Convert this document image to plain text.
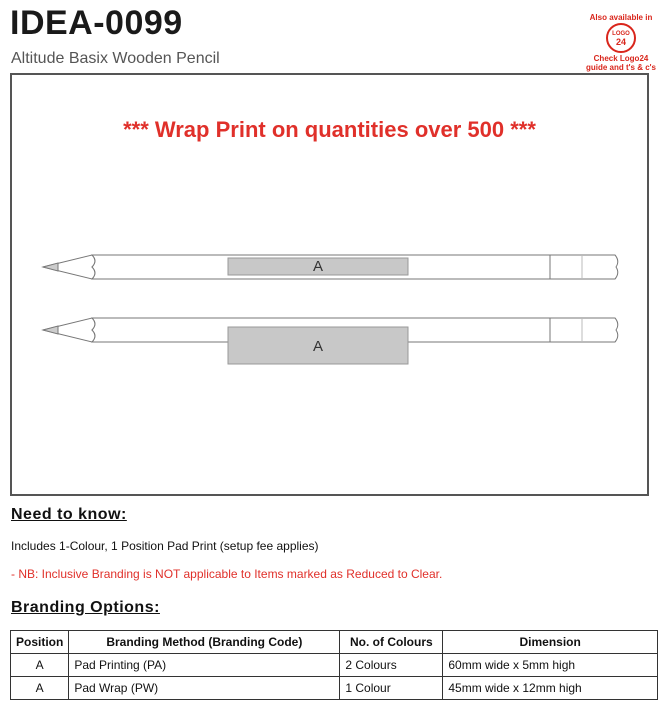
IDEA-0099
Altitude Basix Wooden Pencil
Also available in
LOGO
24
Check Logo24
guide and t's & c's
*** Wrap Print on quantities over 500 ***
A
A
Need to know:
Includes 1-Colour, 1 Position Pad Print (setup fee applies)
- NB: Inclusive Branding is NOT applicable to Items marked as Reduced to Clear.
Branding Options:
Position	Branding Method (Branding Code)	No. of Colours	Dimension
A	Pad Printing (PA)	2 Colours	60mm wide x 5mm high
A	Pad Wrap (PW)	1 Colour	45mm wide x 12mm high
